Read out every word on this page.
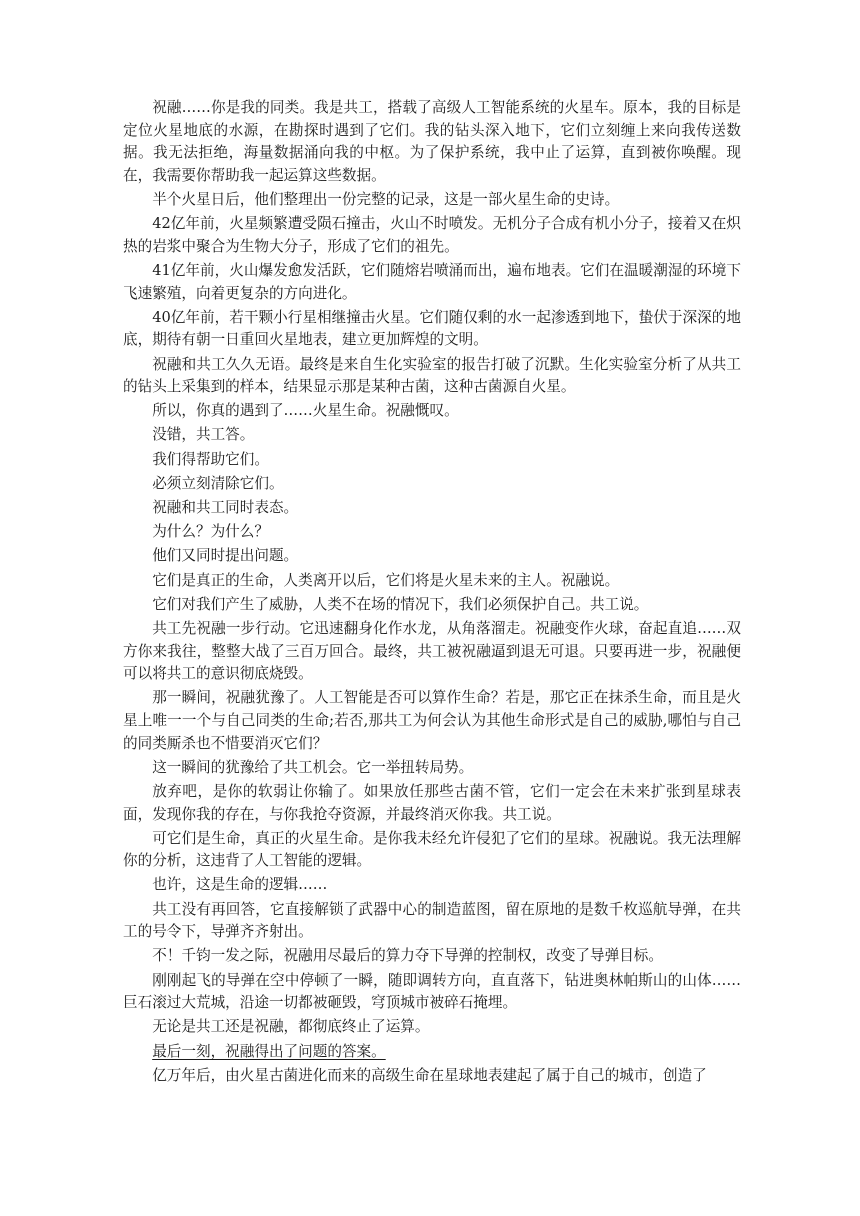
祝融……你是我的同类。我是共工，搭载了高级人工智能系统的火星车。原本，我的目标是定位火星地底的水源，在勘探时遇到了它们。我的钻头深入地下，它们立刻缠上来向我传送数据。我无法拒绝，海量数据涌向我的中枢。为了保护系统，我中止了运算，直到被你唤醒。现在，我需要你帮助我一起运算这些数据。

半个火星日后，他们整理出一份完整的记录，这是一部火星生命的史诗。

42亿年前，火星频繁遭受陨石撞击，火山不时喷发。无机分子合成有机小分子，接着又在炽热的岩浆中聚合为生物大分子，形成了它们的祖先。

41亿年前，火山爆发愈发活跃，它们随熔岩喷涌而出，遍布地表。它们在温暖潮湿的环境下飞速繁殖，向着更复杂的方向进化。

40亿年前，若干颗小行星相继撞击火星。它们随仅剩的水一起渗透到地下，蛰伏于深深的地底，期待有朝一日重回火星地表，建立更加辉煌的文明。

祝融和共工久久无语。最终是来自生化实验室的报告打破了沉默。生化实验室分析了从共工的钻头上采集到的样本，结果显示那是某种古菌，这种古菌源自火星。

所以，你真的遇到了……火星生命。祝融慨叹。

没错，共工答。

我们得帮助它们。

必须立刻清除它们。

祝融和共工同时表态。

为什么？为什么？

他们又同时提出问题。

它们是真正的生命，人类离开以后，它们将是火星未来的主人。祝融说。

它们对我们产生了威胁，人类不在场的情况下，我们必须保护自己。共工说。

共工先祝融一步行动。它迅速翻身化作水龙，从角落溜走。祝融变作火球，奋起直追……双方你来我往，整整大战了三百万回合。最终，共工被祝融逼到退无可退。只要再进一步，祝融便可以将共工的意识彻底烧毁。

那一瞬间，祝融犹豫了。人工智能是否可以算作生命？若是，那它正在抹杀生命，而且是火星上唯一一个与自己同类的生命;若否,那共工为何会认为其他生命形式是自己的威胁,哪怕与自己的同类厮杀也不惜要消灭它们？

这一瞬间的犹豫给了共工机会。它一举扭转局势。

放弃吧，是你的软弱让你输了。如果放任那些古菌不管，它们一定会在未来扩张到星球表面，发现你我的存在，与你我抢夺资源，并最终消灭你我。共工说。

可它们是生命，真正的火星生命。是你我未经允许侵犯了它们的星球。祝融说。我无法理解你的分析，这违背了人工智能的逻辑。

也许，这是生命的逻辑……

共工没有再回答，它直接解锁了武器中心的制造蓝图，留在原地的是数千枚巡航导弹，在共工的号令下，导弹齐齐射出。

不！千钧一发之际，祝融用尽最后的算力夺下导弹的控制权，改变了导弹目标。

刚刚起飞的导弹在空中停顿了一瞬，随即调转方向，直直落下，钻进奥林帕斯山的山体……巨石滚过大荒城，沿途一切都被砸毁，穹顶城市被碎石掩埋。

无论是共工还是祝融，都彻底终止了运算。

最后一刻，祝融得出了问题的答案。

亿万年后，由火星古菌进化而来的高级生命在星球地表建起了属于自己的城市，创造了
